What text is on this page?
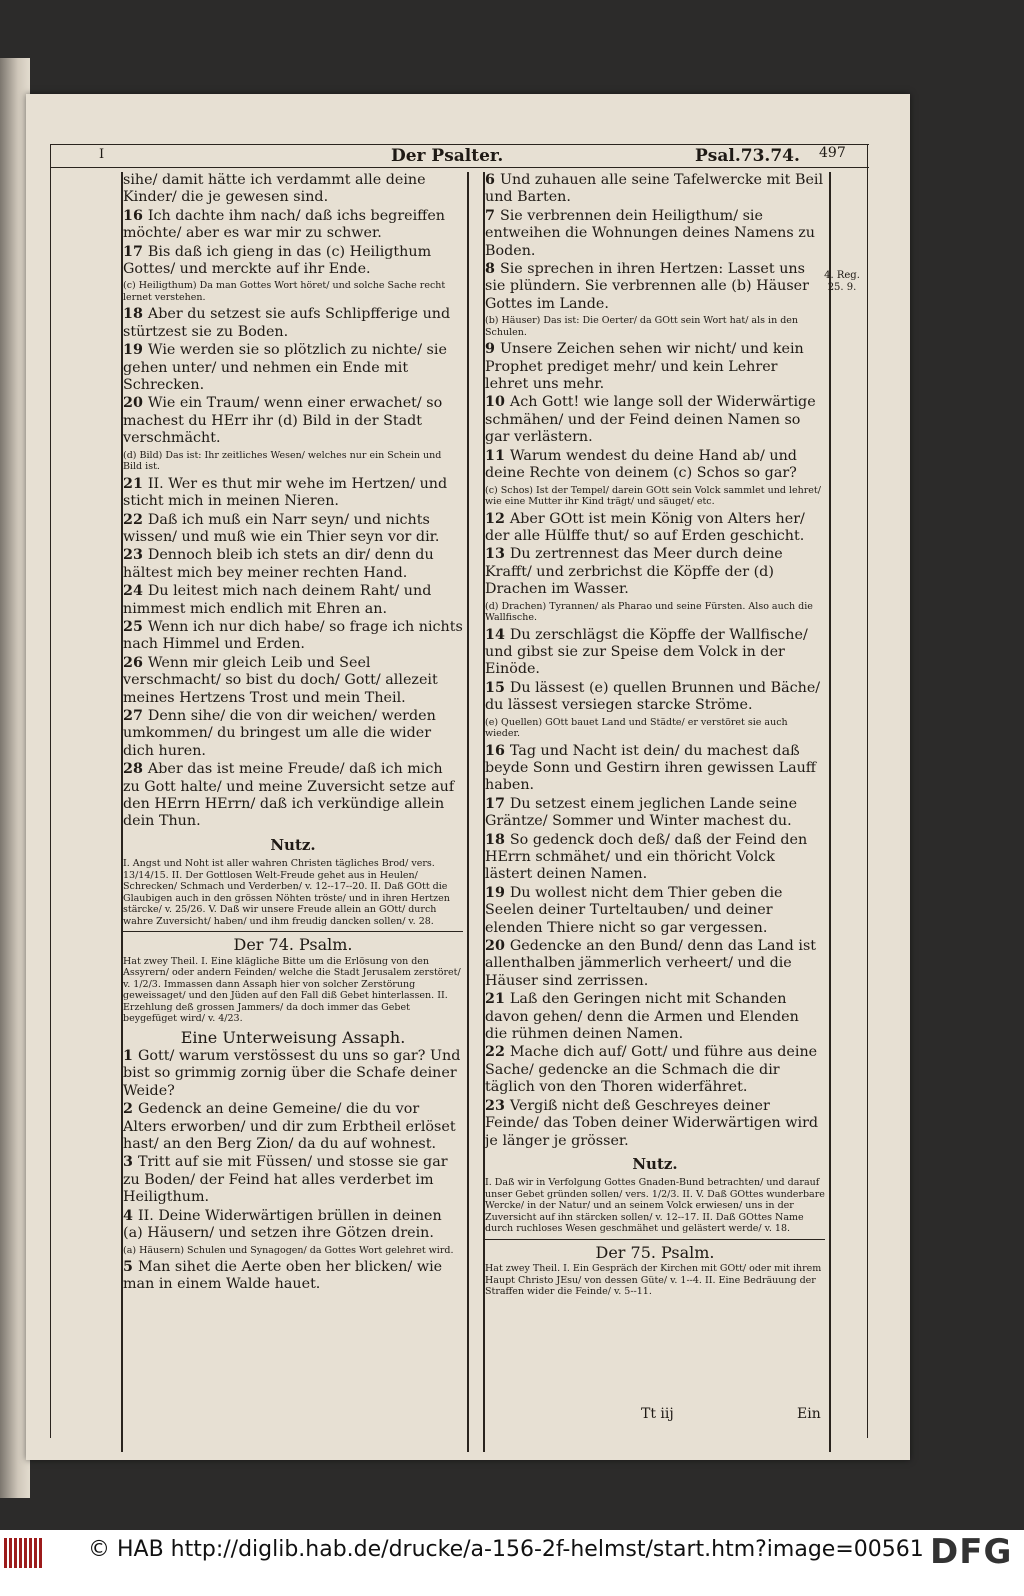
I	Der Psalter.	Psal.73.74. 497
sihe/ damit hätte ich verdammt alle deine Kinder/ die je gewesen sind.
16 Ich dachte ihm nach/ daß ichs begreiffen möchte/ aber es war mir zu schwer.
17 Bis daß ich gieng in das (c) Heiligthum Gottes/ und merckte auf ihr Ende.
(c) Heiligthum) Da man Gottes Wort höret/ und solche Sache recht lernet verstehen.
18 Aber du setzest sie aufs Schlipfferige und stürtzest sie zu Boden.
19 Wie werden sie so plötzlich zu nichte/ sie gehen unter/ und nehmen ein Ende mit Schrecken.
20 Wie ein Traum/ wenn einer erwachet/ so machest du HErr ihr (d) Bild in der Stadt verschmächt.
(d) Bild) Das ist: Ihr zeitliches Wesen/ welches nur ein Schein und Bild ist.
21 II. Wer es thut mir wehe im Hertzen/ und sticht mich in meinen Nieren.
22 Daß ich muß ein Narr seyn/ und nichts wissen/ und muß wie ein Thier seyn vor dir.
23 Dennoch bleib ich stets an dir/ denn du hältest mich bey meiner rechten Hand.
24 Du leitest mich nach deinem Raht/ und nimmest mich endlich mit Ehren an.
25 Wenn ich nur dich habe/ so frage ich nichts nach Himmel und Erden.
26 Wenn mir gleich Leib und Seel verschmacht/ so bist du doch/ Gott/ allezeit meines Hertzens Trost und mein Theil.
27 Denn sihe/ die von dir weichen/ werden umkommen/ du bringest um alle die wider dich huren.
28 Aber das ist meine Freude/ daß ich mich zu Gott halte/ und meine Zuversicht setze auf den HErrn HErrn/ daß ich verkündige allein dein Thun.
Nutz.
I. Angst und Noht ist aller wahren Christen tägliches Brod/ vers. 13/14/15. II. Der Gottlosen Welt-Freude gehet aus in Heulen/ Schrecken/ Schmach und Verderben/ v. 12--17--20. II. Daß GOtt die Glaubigen auch in den grössen Nöhten tröste/ und in ihren Hertzen stärcke/ v. 25/26. V. Daß wir unsere Freude allein an GOtt/ durch wahre Zuversicht/ haben/ und ihm freudig dancken sollen/ v. 28.
Der 74. Psalm.
Hat zwey Theil. I. Eine klägliche Bitte um die Erlösung von den Assyrern/ oder andern Feinden/ welche die Stadt Jerusalem zerstöret/ v. 1/2/3. Immassen dann Assaph hier von solcher Zerstörung geweissaget/ und den Jüden auf den Fall diß Gebet hinterlassen. II. Erzehlung deß grossen Jammers/ da doch immer das Gebet beygefüget wird/ v. 4/23.
Eine Unterweisung Assaph.
1 Gott/ warum verstössest du uns so gar? Und bist so grimmig zornig über die Schafe deiner Weide?
2 Gedenck an deine Gemeine/ die du vor Alters erworben/ und dir zum Erbtheil erlöset hast/ an den Berg Zion/ da du auf wohnest.
3 Tritt auf sie mit Füssen/ und stosse sie gar zu Boden/ der Feind hat alles verderbet im Heiligthum.
4 II. Deine Widerwärtigen brüllen in deinen (a) Häusern/ und setzen ihre Götzen drein.
(a) Häusern) Schulen und Synagogen/ da Gottes Wort gelehret wird.
5 Man sihet die Aerte oben her blicken/ wie man in einem Walde hauet.
6 Und zuhauen alle seine Tafelwercke mit Beil und Barten.
7 Sie verbrennen dein Heiligthum/ sie entweihen die Wohnungen deines Namens zu Boden.
8 Sie sprechen in ihren Hertzen: Lasset uns sie plündern. Sie verbrennen alle (b) Häuser Gottes im Lande.
(b) Häuser) Das ist: Die Oerter/ da GOtt sein Wort hat/ als in den Schulen.
9 Unsere Zeichen sehen wir nicht/ und kein Prophet prediget mehr/ und kein Lehrer lehret uns mehr.
10 Ach Gott! wie lange soll der Widerwärtige schmähen/ und der Feind deinen Namen so gar verlästern.
11 Warum wendest du deine Hand ab/ und deine Rechte von deinem (c) Schos so gar?
(c) Schos) Ist der Tempel/ darein GOtt sein Volck sammlet und lehret/ wie eine Mutter ihr Kind trägt/ und säuget/ etc.
12 Aber GOtt ist mein König von Alters her/ der alle Hülffe thut/ so auf Erden geschicht.
13 Du zertrennest das Meer durch deine Krafft/ und zerbrichst die Köpffe der (d) Drachen im Wasser.
(d) Drachen) Tyrannen/ als Pharao und seine Fürsten. Also auch die Wallfische.
14 Du zerschlägst die Köpffe der Wallfische/ und gibst sie zur Speise dem Volck in der Einöde.
15 Du lässest (e) quellen Brunnen und Bäche/ du lässest versiegen starcke Ströme.
(e) Quellen) GOtt bauet Land und Städte/ er verstöret sie auch wieder.
16 Tag und Nacht ist dein/ du machest daß beyde Sonn und Gestirn ihren gewissen Lauff haben.
17 Du setzest einem jeglichen Lande seine Gräntze/ Sommer und Winter machest du.
18 So gedenck doch deß/ daß der Feind den HErrn schmähet/ und ein thöricht Volck lästert deinen Namen.
19 Du wollest nicht dem Thier geben die Seelen deiner Turteltauben/ und deiner elenden Thiere nicht so gar vergessen.
20 Gedencke an den Bund/ denn das Land ist allenthalben jämmerlich verheert/ und die Häuser sind zerrissen.
21 Laß den Geringen nicht mit Schanden davon gehen/ denn die Armen und Elenden die rühmen deinen Namen.
22 Mache dich auf/ Gott/ und führe aus deine Sache/ gedencke an die Schmach die dir täglich von den Thoren widerfähret.
23 Vergiß nicht deß Geschreyes deiner Feinde/ das Toben deiner Widerwärtigen wird je länger je grösser.
Nutz.
I. Daß wir in Verfolgung Gottes Gnaden-Bund betrachten/ und darauf unser Gebet gründen sollen/ vers. 1/2/3. II. V. Daß GOttes wunderbare Wercke/ in der Natur/ und an seinem Volck erwiesen/ uns in der Zuversicht auf ihn stärcken sollen/ v. 12--17. II. Daß GOttes Name durch ruchloses Wesen geschmähet und gelästert werde/ v. 18.
Der 75. Psalm.
Hat zwey Theil. I. Ein Gespräch der Kirchen mit GOtt/ oder mit ihrem Haupt Christo JEsu/ von dessen Güte/ v. 1--4. II. Eine Bedräuung der Straffen wider die Feinde/ v. 5--11.
Tt iij	Ein
4. Reg. 25. 9.
© HAB http://diglib.hab.de/drucke/a-156-2f-helmst/start.htm?image=00561 DFG
